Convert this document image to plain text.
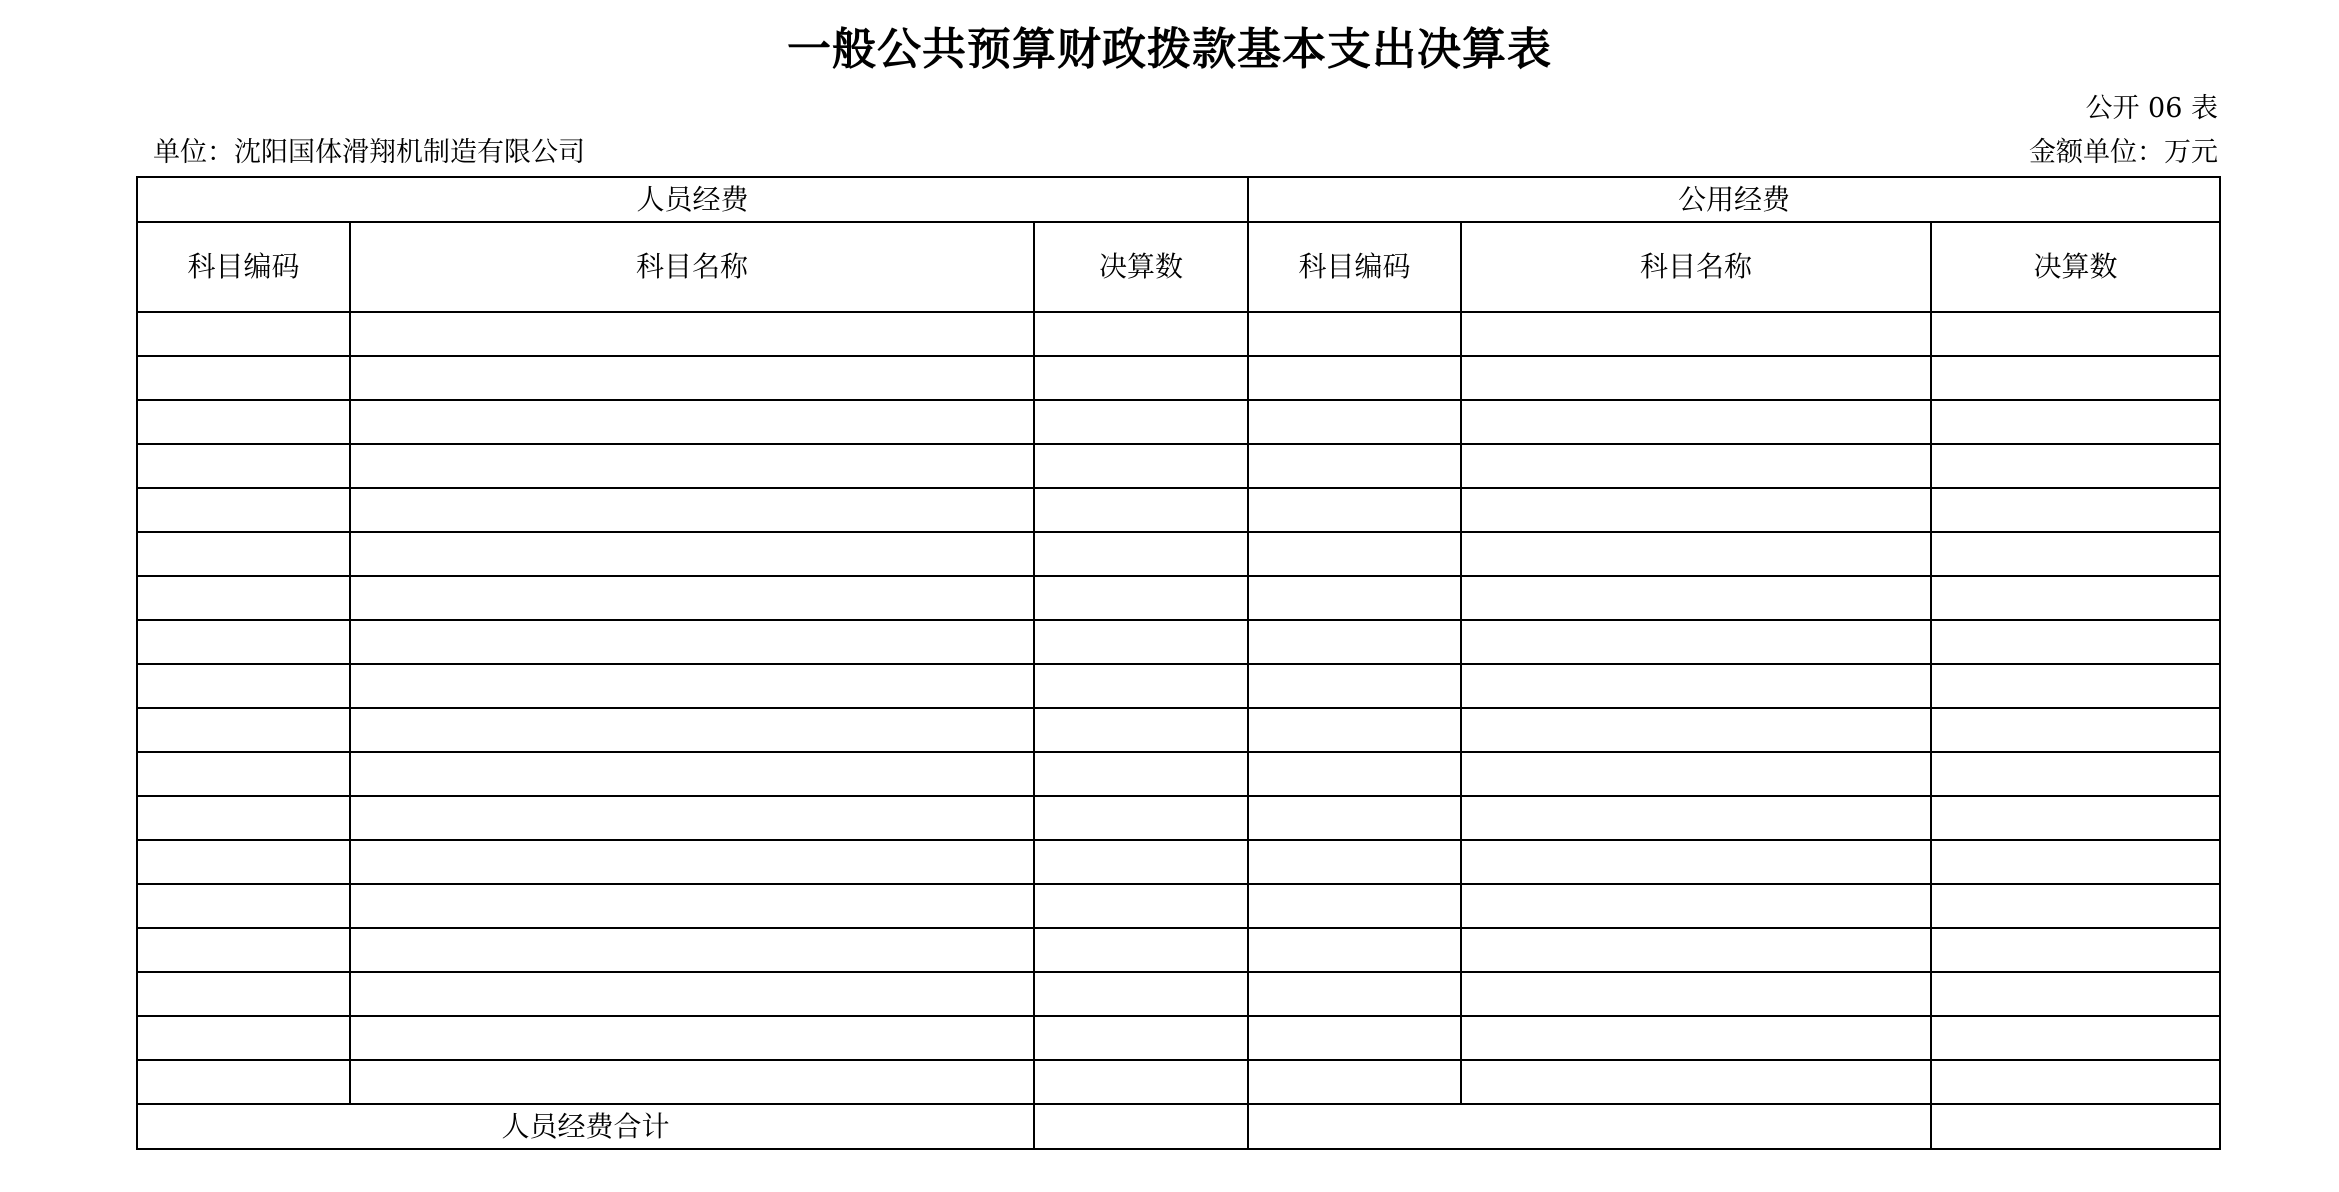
一般公共预算财政拨款基本支出决算表
公开 06 表
单位：沈阳国体滑翔机制造有限公司	金额单位：万元
人员经费			公用经费		
科目编码	科目名称	决算数	科目编码	科目名称	决算数

人员经费合计					
